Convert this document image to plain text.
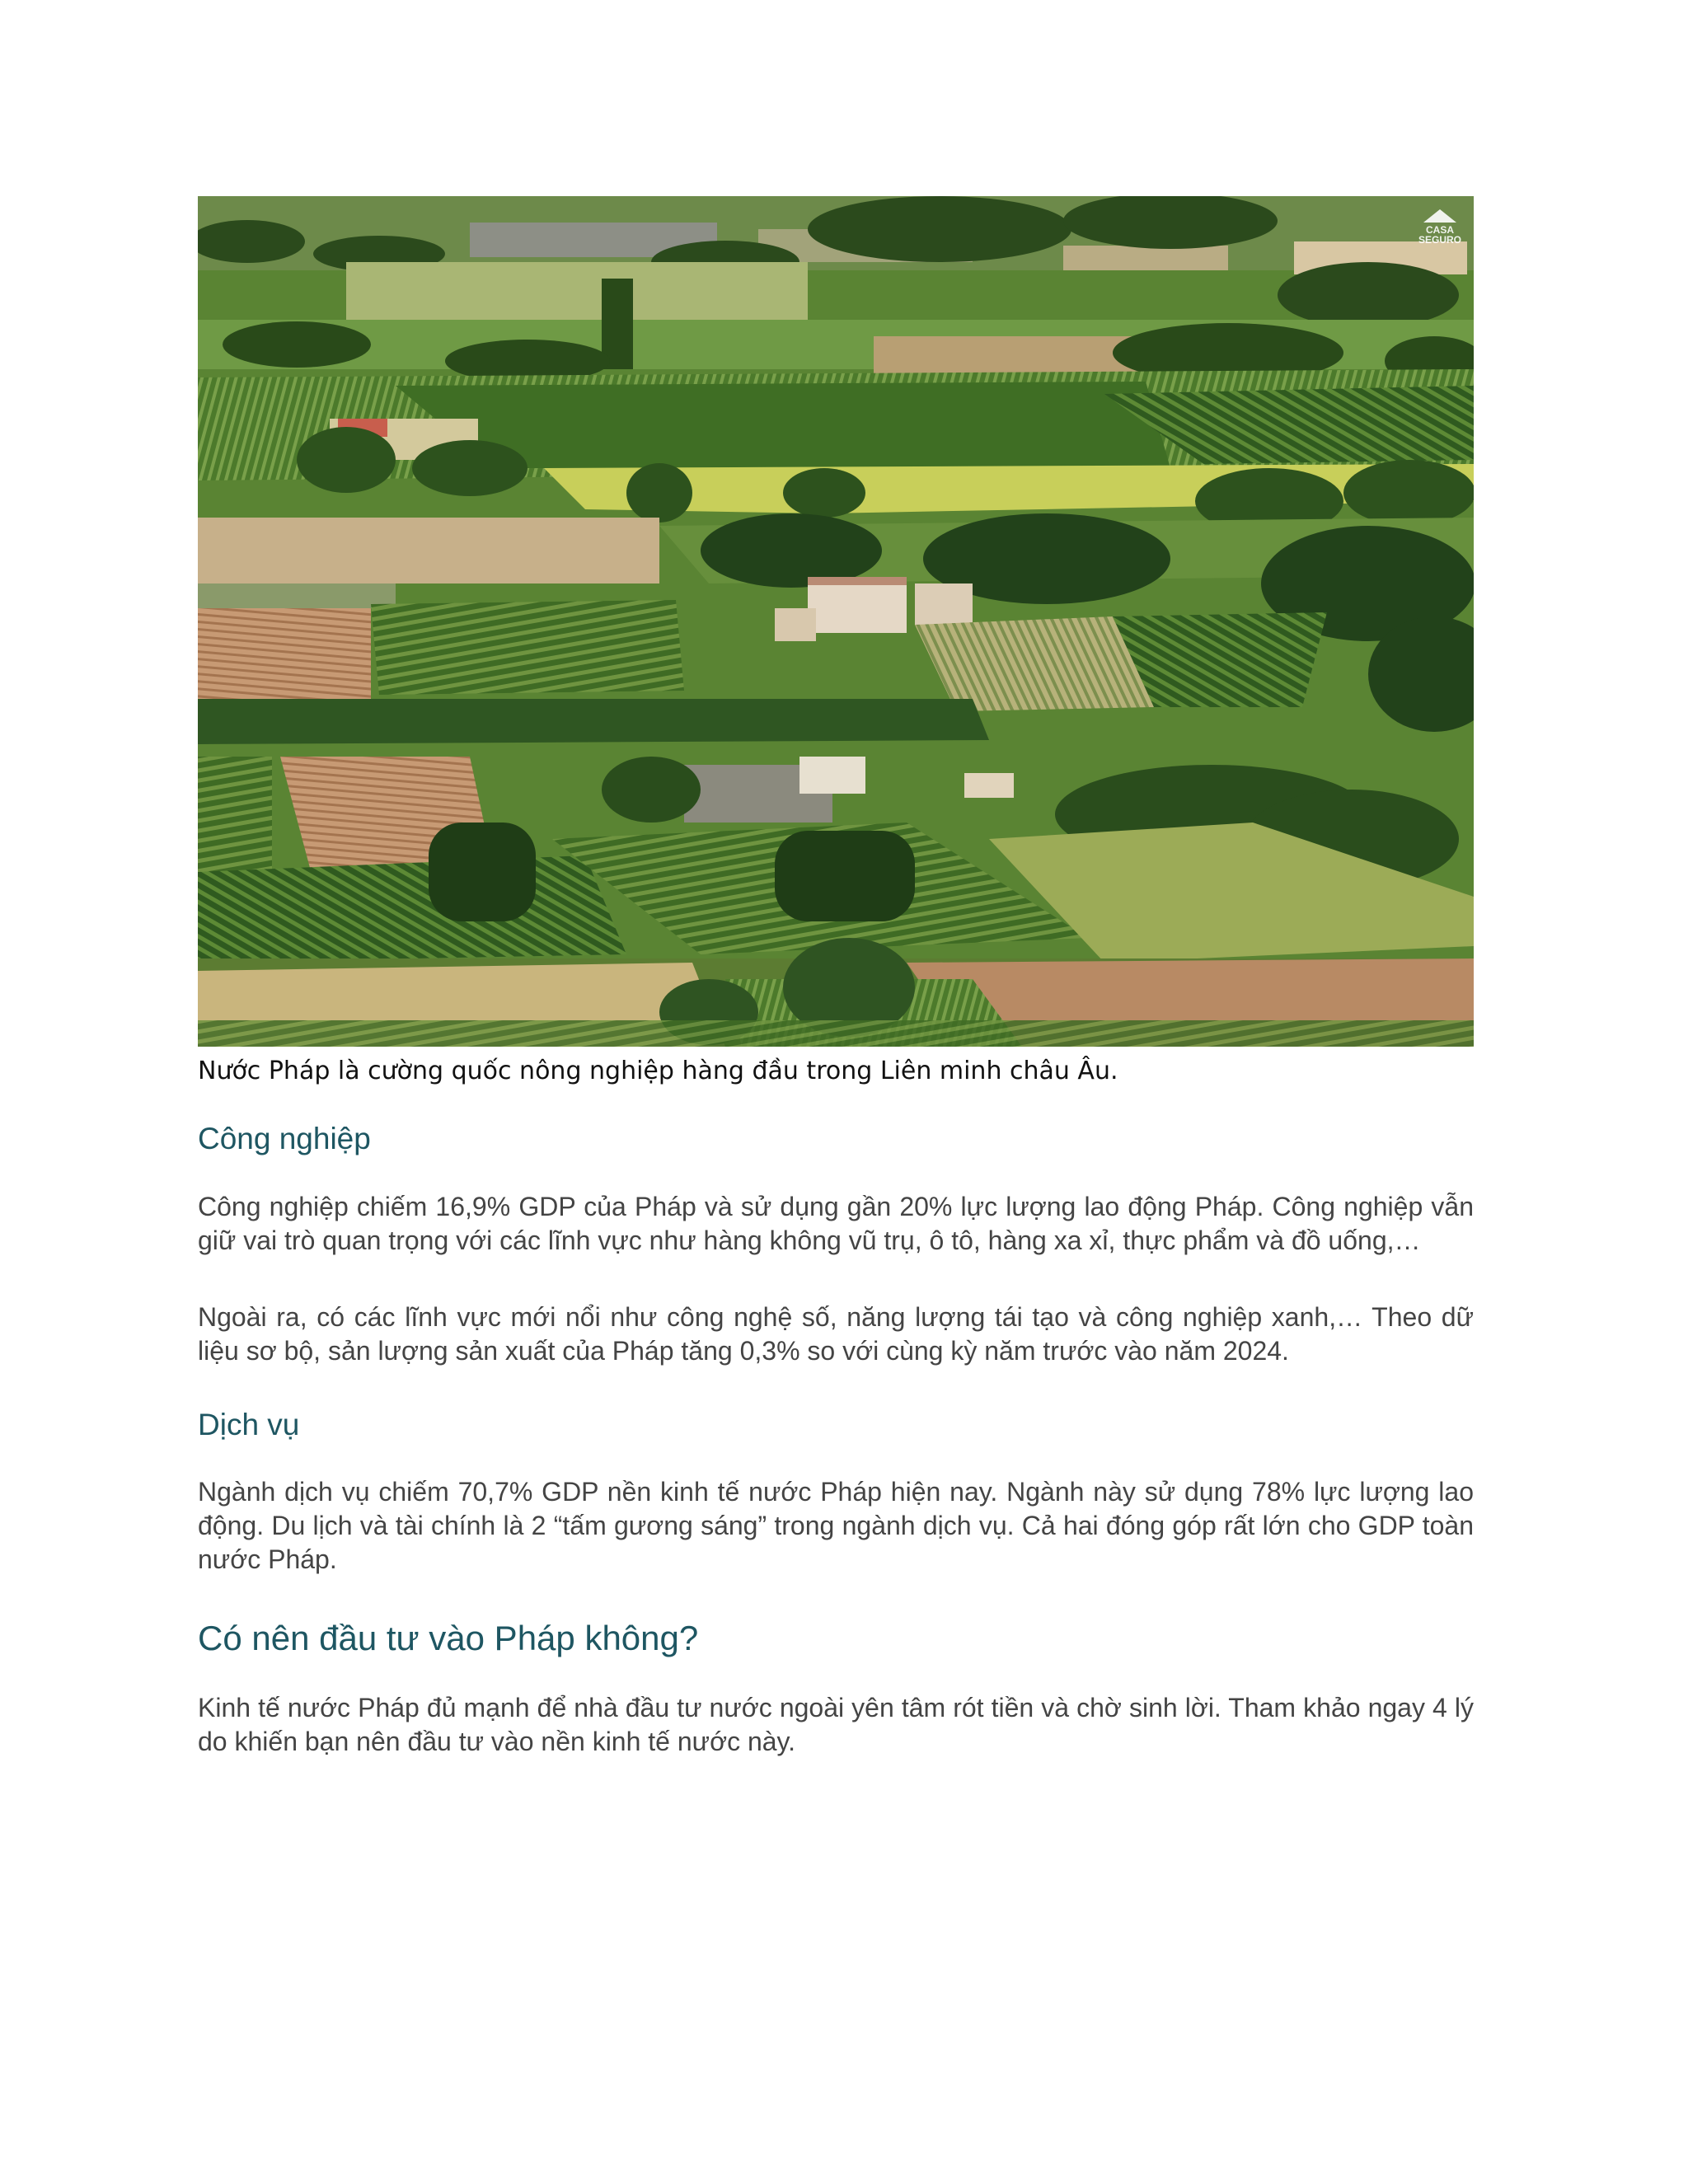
CASA
SEGURO

Nước Pháp là cường quốc nông nghiệp hàng đầu trong Liên minh châu Âu.

Công nghiệp

Công nghiệp chiếm 16,9% GDP của Pháp và sử dụng gần 20% lực lượng lao động Pháp. Công nghiệp vẫn giữ vai trò quan trọng với các lĩnh vực như hàng không vũ trụ, ô tô, hàng xa xỉ, thực phẩm và đồ uống,…

Ngoài ra, có các lĩnh vực mới nổi như công nghệ số, năng lượng tái tạo và công nghiệp xanh,… Theo dữ liệu sơ bộ, sản lượng sản xuất của Pháp tăng 0,3% so với cùng kỳ năm trước vào năm 2024.

Dịch vụ

Ngành dịch vụ chiếm 70,7% GDP nền kinh tế nước Pháp hiện nay. Ngành này sử dụng 78% lực lượng lao động. Du lịch và tài chính là 2 “tấm gương sáng” trong ngành dịch vụ. Cả hai đóng góp rất lớn cho GDP toàn nước Pháp.

Có nên đầu tư vào Pháp không?

Kinh tế nước Pháp đủ mạnh để nhà đầu tư nước ngoài yên tâm rót tiền và chờ sinh lời. Tham khảo ngay 4 lý do khiến bạn nên đầu tư vào nền kinh tế nước này.
